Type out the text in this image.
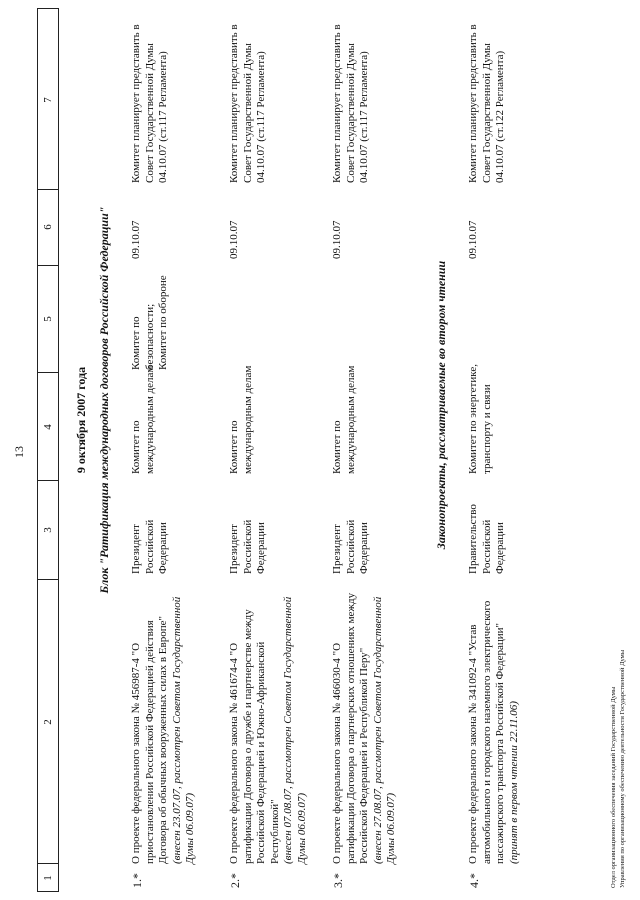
13
1
2
3
4
5
6
7
9 октября 2007 года Блок "Ратификация международных договоров Российской Федерации"	Законопроекты, рассматриваемые во втором чтении
1.*
О проекте федерального закона № 456987-4 "О приостановлении Российской Федерацией действия Договора об обычных вооруженных силах в Европе" (внесен 23.07.07, рассмотрен Советом Государственной Думы 06.09.07)
Президент Российской Федерации
Комитет по международным делам
Комитет по безопасности; Комитет по обороне
09.10.07
Комитет планирует представить в Совет Государственной Думы 04.10.07 (ст.117 Регламента)
2.*
О проекте федерального закона № 461674-4 "О ратификации Договора о дружбе и партнерстве между Российской Федерацией и Южно-Африканской Республикой" (внесен 07.08.07, рассмотрен Советом Государственной Думы 06.09.07)
Президент Российской Федерации
Комитет по международным делам
09.10.07
Комитет планирует представить в Совет Государственной Думы 04.10.07 (ст.117 Регламента)
3.*
О проекте федерального закона № 466030-4 "О ратификации Договора о партнерских отношениях между Российской Федерацией и Республикой Перу" (внесен 27.08.07, рассмотрен Советом Государственной Думы 06.09.07)
Президент Российской Федерации
Комитет по международным делам
09.10.07
Комитет планирует представить в Совет Государственной Думы 04.10.07 (ст.117 Регламента)
4.*
О проекте федерального закона № 341092-4 "Устав автомобильного и городского наземного электрического пассажирского транспорта Российской Федерации" (принят в первом чтении 22.11.06)
Правительство Российской Федерации
Комитет по энергетике, транспорту и связи
09.10.07
Комитет планирует представить в Совет Государственной Думы 04.10.07 (ст.122 Регламента)
Отдел организационного обеспечения заседаний Государственной Думы Управления по организационному обеспечению деятельности Государственной Думы
